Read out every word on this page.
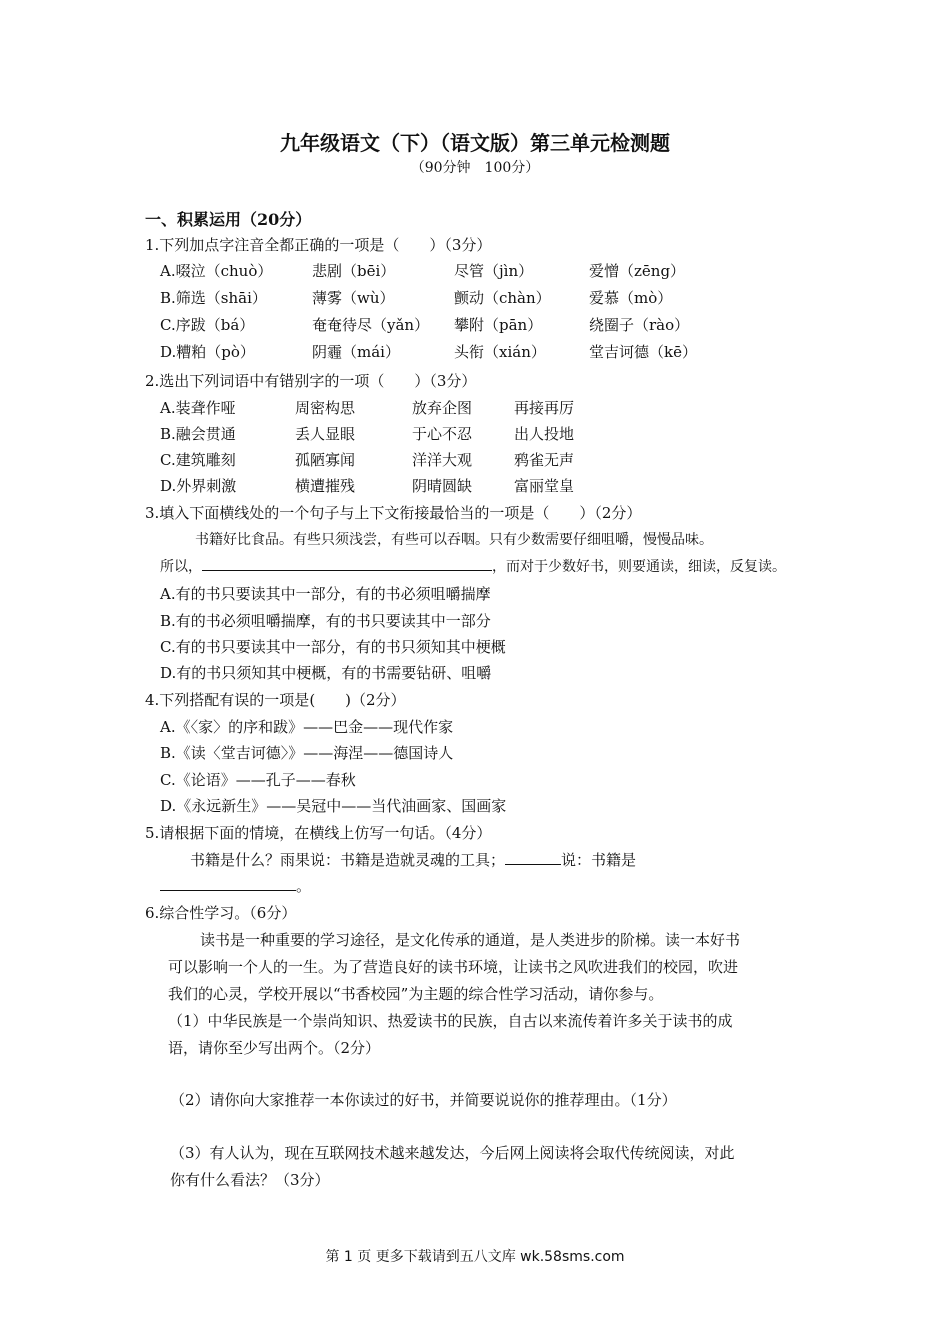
九年级语文（下）（语文版）第三单元检测题
（90分钟　100分）
一、积累运用（20分）
1.下列加点字注音全都正确的一项是（　　）（3分）
A.啜泣（chuò）	悲剧（bēi）	尽管（jìn）	爱憎（zēng）
B.筛选（shāi）	薄雾（wù）	颤动（chàn）	爱慕（mò）
C.序跋（bá）	奄奄待尽（yǎn） 攀附（pān）	绕圈子（rào）
D.糟粕（pò）	阴霾（mái）	头衔（xián）	堂吉诃德（kē）
2.选出下列词语中有错别字的一项（　　）（3分）
A.装聋作哑	周密构思	放弃企图	再接再厉
B.融会贯通	丢人显眼	于心不忍	出人投地
C.建筑雕刻	孤陋寡闻	洋洋大观	鸦雀无声
D.外界刺激	横遭摧残	阴晴圆缺	富丽堂皇
3.填入下面横线处的一个句子与上下文衔接最恰当的一项是（　　）（2分）
书籍好比食品。有些只须浅尝，有些可以吞咽。只有少数需要仔细咀嚼，慢慢品味。
所以，	，而对于少数好书，则要通读，细读，反复读。
A.有的书只要读其中一部分，有的书必须咀嚼揣摩
B.有的书必须咀嚼揣摩，有的书只要读其中一部分
C.有的书只要读其中一部分，有的书只须知其中梗概
D.有的书只须知其中梗概，有的书需要钻研、咀嚼
4.下列搭配有误的一项是(　　)（2分）
A.《〈家〉的序和跋》——巴金——现代作家
B.《读〈堂吉诃德〉》——海涅——德国诗人
C.《论语》——孔子——春秋
D.《永远新生》——吴冠中——当代油画家、国画家
5.请根据下面的情境，在横线上仿写一句话。（4分）
书籍是什么？雨果说：书籍是造就灵魂的工具；	说：书籍是
。
6.综合性学习。（6分）
读书是一种重要的学习途径，是文化传承的通道，是人类进步的阶梯。读一本好书
可以影响一个人的一生。为了营造良好的读书环境，让读书之风吹进我们的校园，吹进
我们的心灵，学校开展以“书香校园”为主题的综合性学习活动，请你参与。
（1）中华民族是一个崇尚知识、热爱读书的民族，自古以来流传着许多关于读书的成
语，请你至少写出两个。（2分）
（2）请你向大家推荐一本你读过的好书，并简要说说你的推荐理由。（1分）
（3）有人认为，现在互联网技术越来越发达，今后网上阅读将会取代传统阅读，对此
你有什么看法？（3分）
第 1 页 更多下载请到五八文库 wk.58sms.com
